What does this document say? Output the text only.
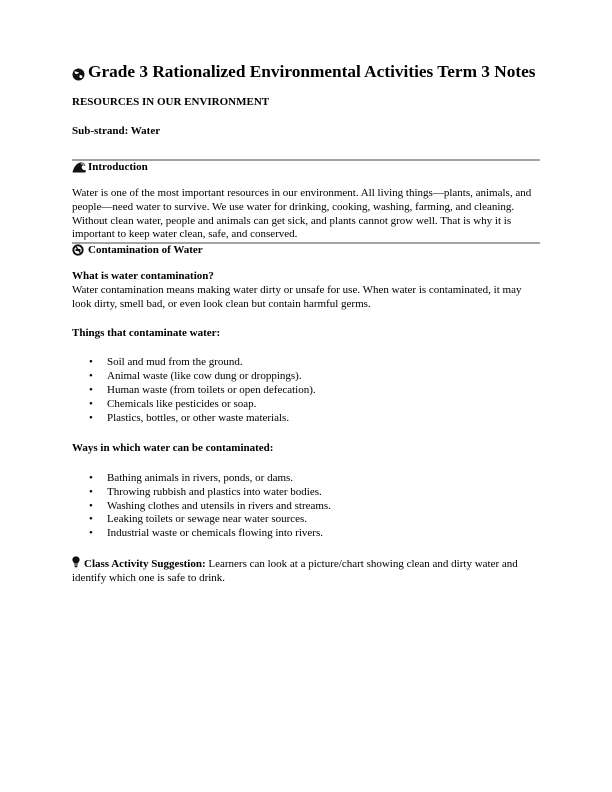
Grade 3 Rationalized Environmental Activities Term 3 Notes
RESOURCES IN OUR ENVIRONMENT
Sub-strand: Water
Introduction

Water is one of the most important resources in our environment. All living things—plants, animals, and people—need water to survive. We use water for drinking, cooking, washing, farming, and cleaning. Without clean water, people and animals can get sick, and plants cannot grow well. That is why it is important to keep water clean, safe, and conserved.

Contamination of Water

What is water contamination?

Water contamination means making water dirty or unsafe for use. When water is contaminated, it may look dirty, smell bad, or even look clean but contain harmful germs.

Things that contaminate water:

• Soil and mud from the ground.
• Animal waste (like cow dung or droppings).
• Human waste (from toilets or open defecation).
• Chemicals like pesticides or soap.
• Plastics, bottles, or other waste materials.

Ways in which water can be contaminated:

• Bathing animals in rivers, ponds, or dams.
• Throwing rubbish and plastics into water bodies.
• Washing clothes and utensils in rivers and streams.
• Leaking toilets or sewage near water sources.
• Industrial waste or chemicals flowing into rivers.

Class Activity Suggestion: Learners can look at a picture/chart showing clean and dirty water and identify which one is safe to drink.
